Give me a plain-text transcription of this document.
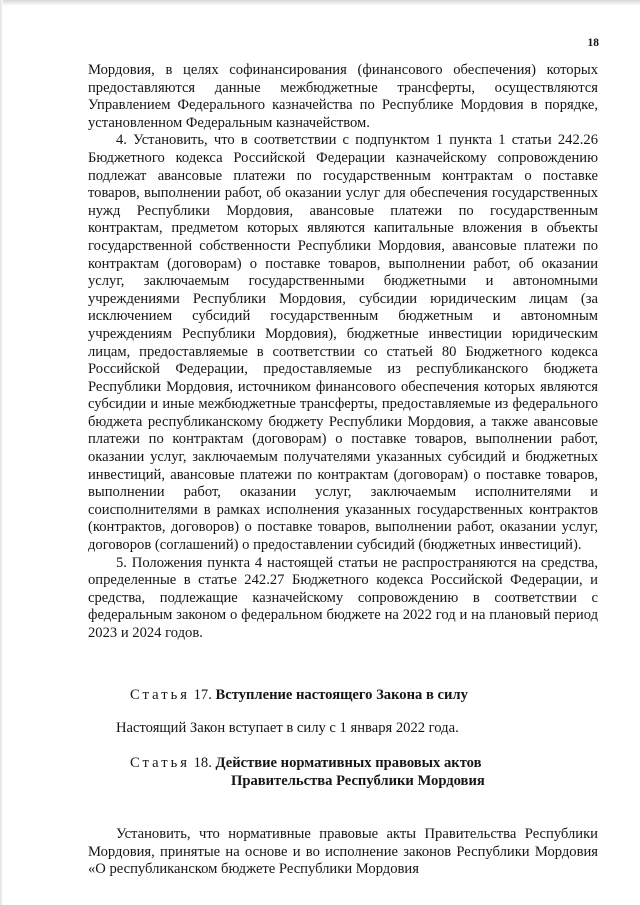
18

Мордовия, в целях софинансирования (финансового обеспечения) которых предоставляются данные межбюджетные трансферты, осуществляются Управлением Федерального казначейства по Республике Мордовия в порядке, установленном Федеральным казначейством.

4. Установить, что в соответствии с подпунктом 1 пункта 1 статьи 242.26 Бюджетного кодекса Российской Федерации казначейскому сопровождению подлежат авансовые платежи по государственным контрактам о поставке товаров, выполнении работ, об оказании услуг для обеспечения государственных нужд Республики Мордовия, авансовые платежи по государственным контрактам, предметом которых являются капитальные вложения в объекты государственной собственности Республики Мордовия, авансовые платежи по контрактам (договорам) о поставке товаров, выполнении работ, об оказании услуг, заключаемым государственными бюджетными и автономными учреждениями Республики Мордовия, субсидии юридическим лицам (за исключением субсидий государственным бюджетным и автономным учреждениям Республики Мордовия), бюджетные инвестиции юридическим лицам, предоставляемые в соответствии со статьей 80 Бюджетного кодекса Российской Федерации, предоставляемые из республиканского бюджета Республики Мордовия, источником финансового обеспечения которых являются субсидии и иные межбюджетные трансферты, предоставляемые из федерального бюджета республиканскому бюджету Республики Мордовия, а также авансовые платежи по контрактам (договорам) о поставке товаров, выполнении работ, оказании услуг, заключаемым получателями указанных субсидий и бюджетных инвестиций, авансовые платежи по контрактам (договорам) о поставке товаров, выполнении работ, оказании услуг, заключаемым исполнителями и соисполнителями в рамках исполнения указанных государственных контрактов (контрактов, договоров) о поставке товаров, выполнении работ, оказании услуг, договоров (соглашений) о предоставлении субсидий (бюджетных инвестиций).

5. Положения пункта 4 настоящей статьи не распространяются на средства, определенные в статье 242.27 Бюджетного кодекса Российской Федерации, и средства, подлежащие казначейскому сопровождению в соответствии с федеральным законом о федеральном бюджете на 2022 год и на плановый период 2023 и 2024 годов.

Статья 17. Вступление настоящего Закона в силу

Настоящий Закон вступает в силу с 1 января 2022 года.

Статья 18. Действие нормативных правовых актов
Правительства Республики Мордовия

Установить, что нормативные правовые акты Правительства Республики Мордовия, принятые на основе и во исполнение законов Республики Мордовия «О республиканском бюджете Республики Мордовия
